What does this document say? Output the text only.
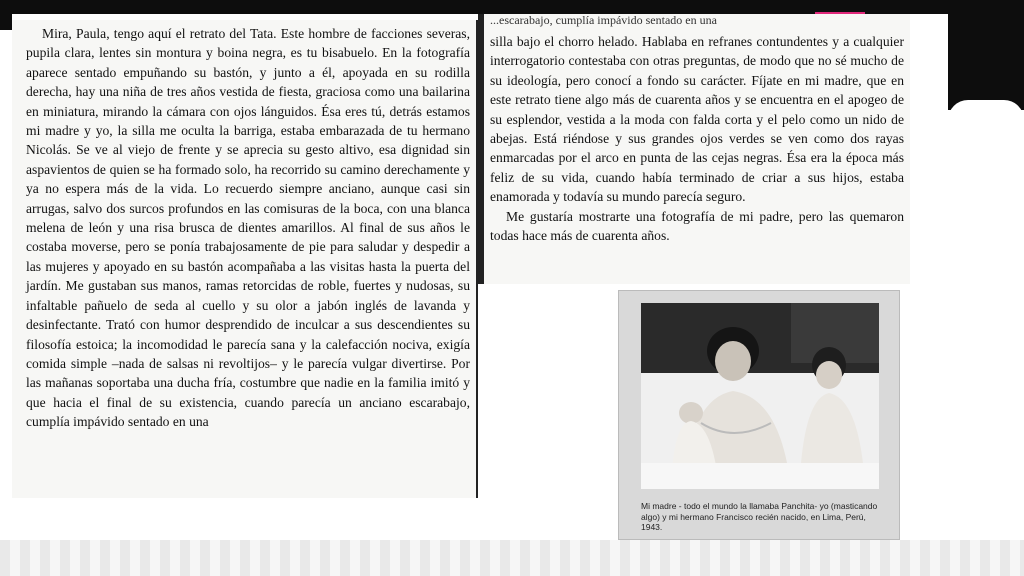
Mira, Paula, tengo aquí el retrato del Tata. Este hombre de facciones severas, pupila clara, lentes sin montura y boina negra, es tu bisabuelo. En la fotografía aparece sentado empuñando su bastón, y junto a él, apoyada en su rodilla derecha, hay una niña de tres años vestida de fiesta, graciosa como una bailarina en miniatura, mirando la cámara con ojos lánguidos. Ésa eres tú, detrás estamos mi madre y yo, la silla me oculta la barriga, estaba embarazada de tu hermano Nicolás. Se ve al viejo de frente y se aprecia su gesto altivo, esa dignidad sin aspavientos de quien se ha formado solo, ha recorrido su camino derechamente y ya no espera más de la vida. Lo recuerdo siempre anciano, aunque casi sin arrugas, salvo dos surcos profundos en las comisuras de la boca, con una blanca melena de león y una risa brusca de dientes amarillos. Al final de sus años le costaba moverse, pero se ponía trabajosamente de pie para saludar y despedir a las mujeres y apoyado en su bastón acompañaba a las visitas hasta la puerta del jardín. Me gustaban sus manos, ramas retorcidas de roble, fuertes y nudosas, su infaltable pañuelo de seda al cuello y su olor a jabón inglés de lavanda y desinfectante. Trató con humor desprendido de inculcar a sus descendientes su filosofía estoica; la incomodidad le parecía sana y la calefacción nociva, exigía comida simple –nada de salsas ni revoltijos– y le parecía vulgar divertirse. Por las mañanas soportaba una ducha fría, costumbre que nadie en la familia imitó y que hacia el final de su existencia, cuando parecía un anciano escarabajo, cumplía impávido sentado en una

...escarabajo, cumplía impávido sentado en una

silla bajo el chorro helado. Hablaba en refranes contundentes y a cualquier interrogatorio contestaba con otras preguntas, de modo que no sé mucho de su ideología, pero conocí a fondo su carácter. Fíjate en mi madre, que en este retrato tiene algo más de cuarenta años y se encuentra en el apogeo de su esplendor, vestida a la moda con falda corta y el pelo como un nido de abejas. Está riéndose y sus grandes ojos verdes se ven como dos rayas enmarcadas por el arco en punta de las cejas negras. Ésa era la época más feliz de su vida, cuando había terminado de criar a sus hijos, estaba enamorada y todavía su mundo parecía seguro.

Me gustaría mostrarte una fotografía de mi padre, pero las quemaron todas hace más de cuarenta años.

Mi madre - todo el mundo la llamaba Panchita- yo (masticando algo) y mi hermano Francisco recién nacido, en Lima, Perú, 1943.
